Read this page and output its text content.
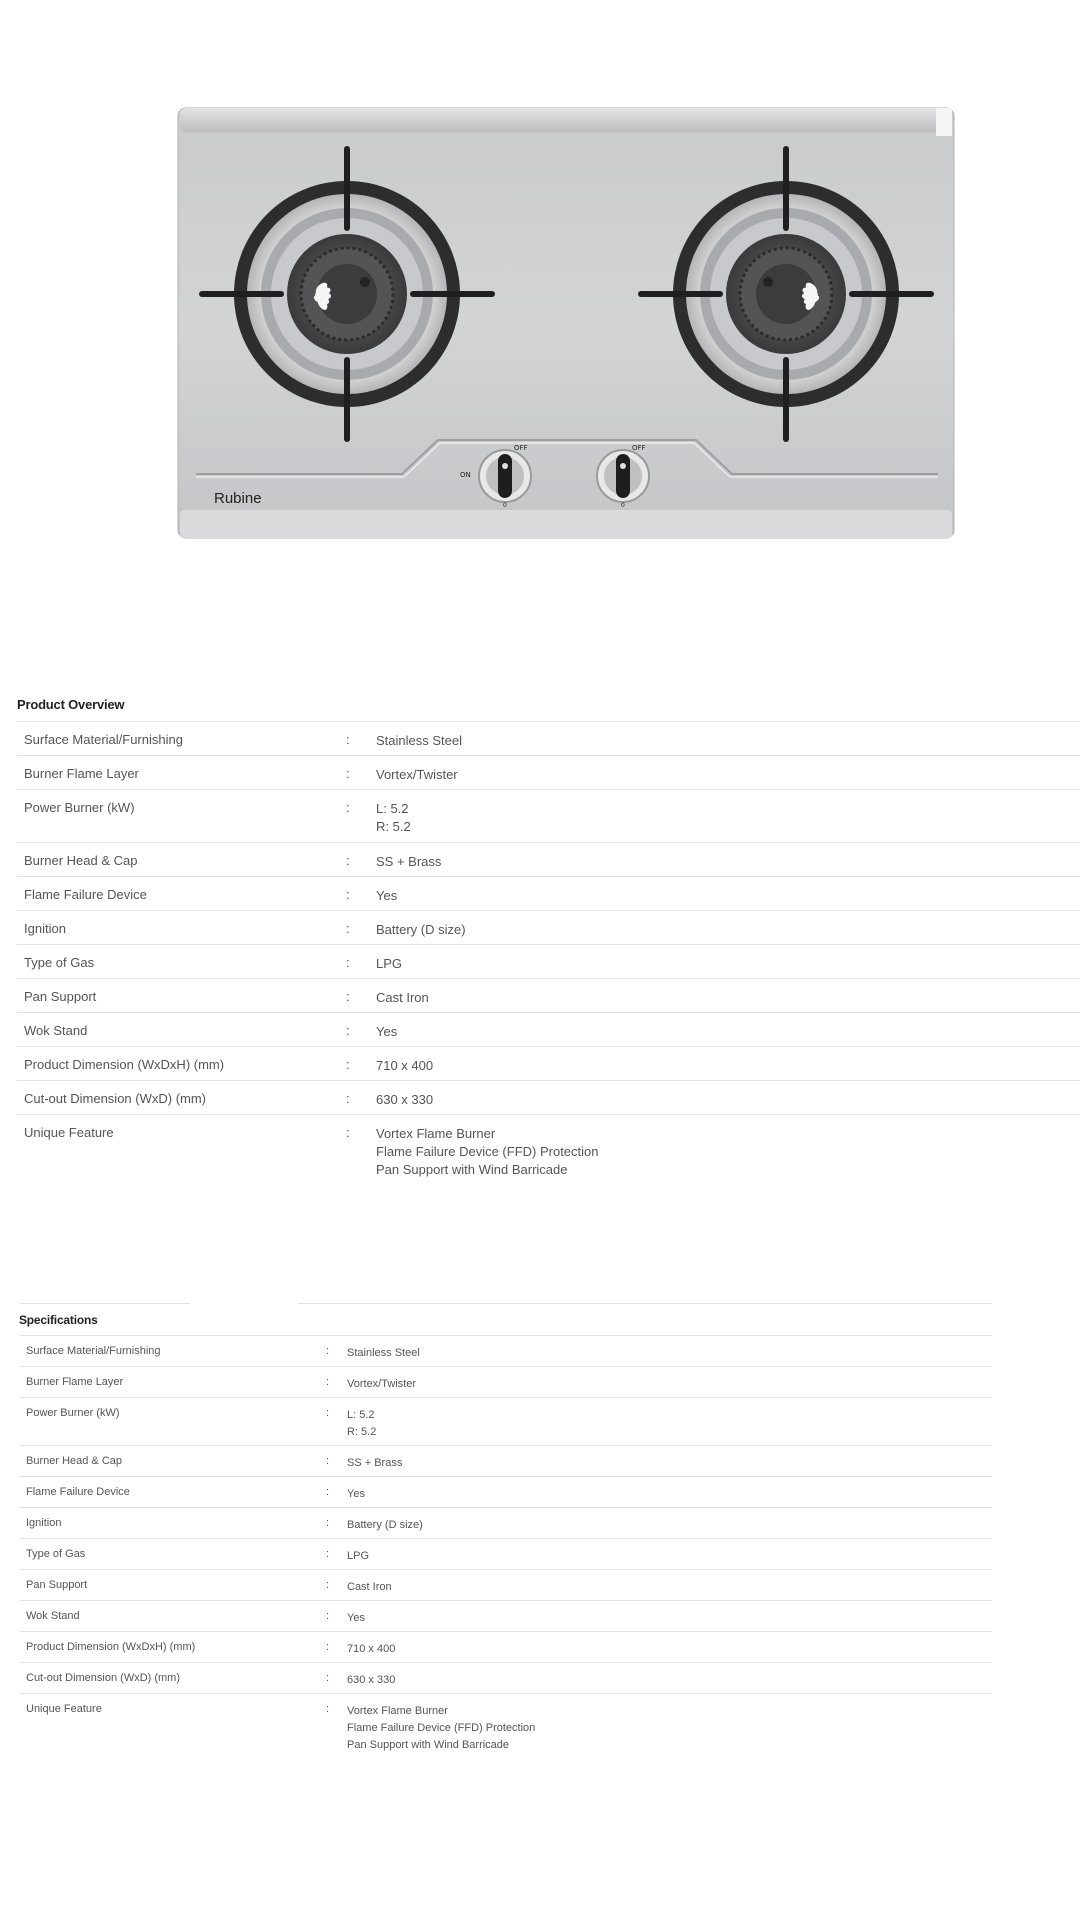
OFF
ON
0
OFF
0
Rubine
Product Overview
Surface Material/Furnishing	:	Stainless Steel

Burner Flame Layer	:	Vortex/Twister

Power Burner (kW)	:	L: 5.2
R: 5.2

Burner Head & Cap	:	SS + Brass

Flame Failure Device	:	Yes

Ignition	:	Battery (D size)

Type of Gas	:	LPG

Pan Support	:	Cast Iron

Wok Stand	:	Yes

Product Dimension (WxDxH) (mm)	:	710 x 400

Cut-out Dimension (WxD) (mm)	:	630 x 330

Unique Feature	:	Vortex Flame Burner
Flame Failure Device (FFD) Protection
Pan Support with Wind Barricade
Specifications
Surface Material/Furnishing	:	Stainless Steel

Burner Flame Layer	:	Vortex/Twister

Power Burner (kW)	:	L: 5.2
R: 5.2

Burner Head & Cap	:	SS + Brass

Flame Failure Device	:	Yes

Ignition	:	Battery (D size)

Type of Gas	:	LPG

Pan Support	:	Cast Iron

Wok Stand	:	Yes

Product Dimension (WxDxH) (mm)	:	710 x 400

Cut-out Dimension (WxD) (mm)	:	630 x 330

Unique Feature	:	Vortex Flame Burner
Flame Failure Device (FFD) Protection
Pan Support with Wind Barricade
